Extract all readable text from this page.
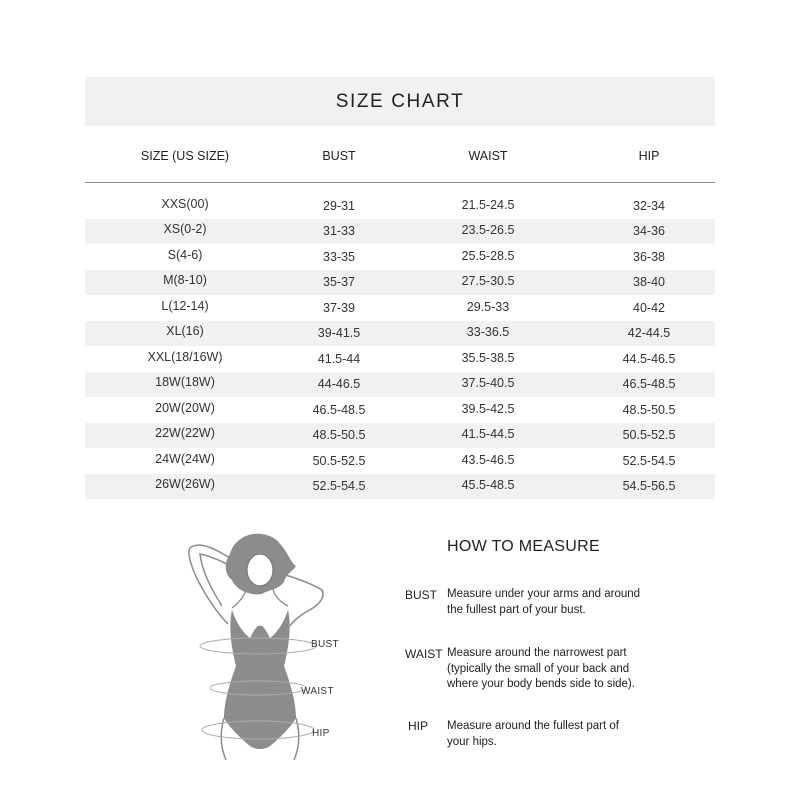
SIZE CHART
SIZE (US SIZE)	BUST	WAIST	HIP
XXS(00)	29-31	21.5-24.5	32-34
XS(0-2)	31-33	23.5-26.5	34-36
S(4-6)	33-35	25.5-28.5	36-38
M(8-10)	35-37	27.5-30.5	38-40
L(12-14)	37-39	29.5-33	40-42
XL(16)	39-41.5	33-36.5	42-44.5
XXL(18/16W)	41.5-44	35.5-38.5	44.5-46.5
18W(18W)	44-46.5	37.5-40.5	46.5-48.5
20W(20W)	46.5-48.5	39.5-42.5	48.5-50.5
22W(22W)	48.5-50.5	41.5-44.5	50.5-52.5
24W(24W)	50.5-52.5	43.5-46.5	52.5-54.5
26W(26W)	52.5-54.5	45.5-48.5	54.5-56.5
BUST
WAIST
HIP
HOW TO MEASURE
BUST Measure under your arms and around
the fullest part of your bust.
WAIST Measure around the narrowest part
(typically the small of your back and
where your body bends side to side).
HIP Measure around the fullest part of
your hips.
